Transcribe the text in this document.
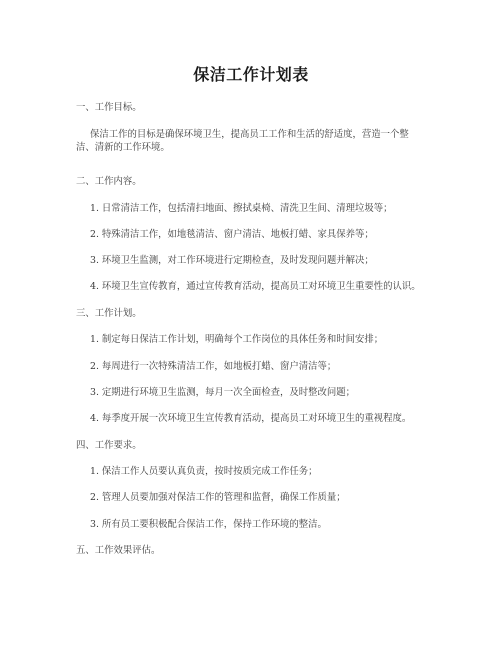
保洁工作计划表
一、工作目标。
保洁工作的目标是确保环境卫生，提高员工工作和生活的舒适度，营造一个整洁、清新的工作环境。
二、工作内容。
1. 日常清洁工作，包括清扫地面、擦拭桌椅、清洗卫生间、清理垃圾等；
2. 特殊清洁工作，如地毯清洁、窗户清洁、地板打蜡、家具保养等；
3. 环境卫生监测，对工作环境进行定期检查，及时发现问题并解决；
4. 环境卫生宣传教育，通过宣传教育活动，提高员工对环境卫生重要性的认识。
三、工作计划。
1. 制定每日保洁工作计划，明确每个工作岗位的具体任务和时间安排；
2. 每周进行一次特殊清洁工作，如地板打蜡、窗户清洁等；
3. 定期进行环境卫生监测，每月一次全面检查，及时整改问题；
4. 每季度开展一次环境卫生宣传教育活动，提高员工对环境卫生的重视程度。
四、工作要求。
1. 保洁工作人员要认真负责，按时按质完成工作任务；
2. 管理人员要加强对保洁工作的管理和监督，确保工作质量；
3. 所有员工要积极配合保洁工作，保持工作环境的整洁。
五、工作效果评估。
